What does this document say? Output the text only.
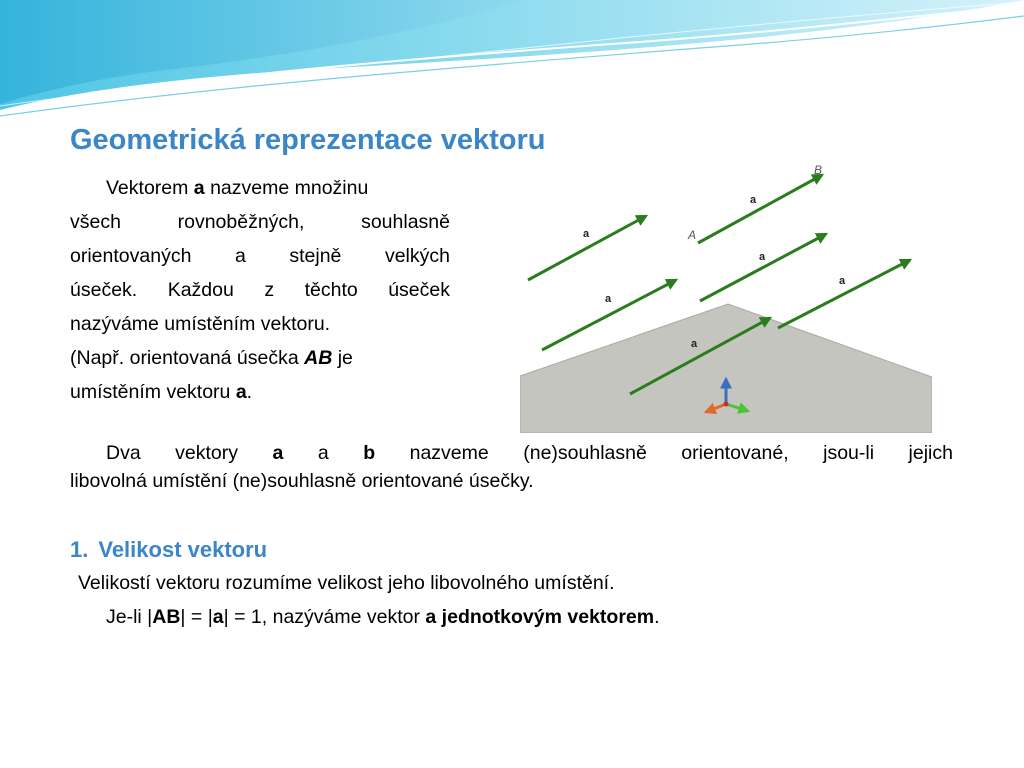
Geometrická reprezentace vektoru

Vektorem a nazveme množinu
všech rovnoběžných, souhlasně
orientovaných a stejně velkých
úseček. Každou z těchto úseček
nazýváme umístěním vektoru.
(Např. orientovaná úsečka AB je
umístěním vektoru a.

a
a
a
a
a
a
A
B

Dva vektory a a b nazveme (ne)souhlasně orientované, jsou-li jejich
libovolná umístění (ne)souhlasně orientované úsečky.

1. Velikost vektoru

Velikostí vektoru rozumíme velikost jeho libovolného umístění.

Je-li |AB| = |a| = 1, nazýváme vektor a jednotkovým vektorem.
